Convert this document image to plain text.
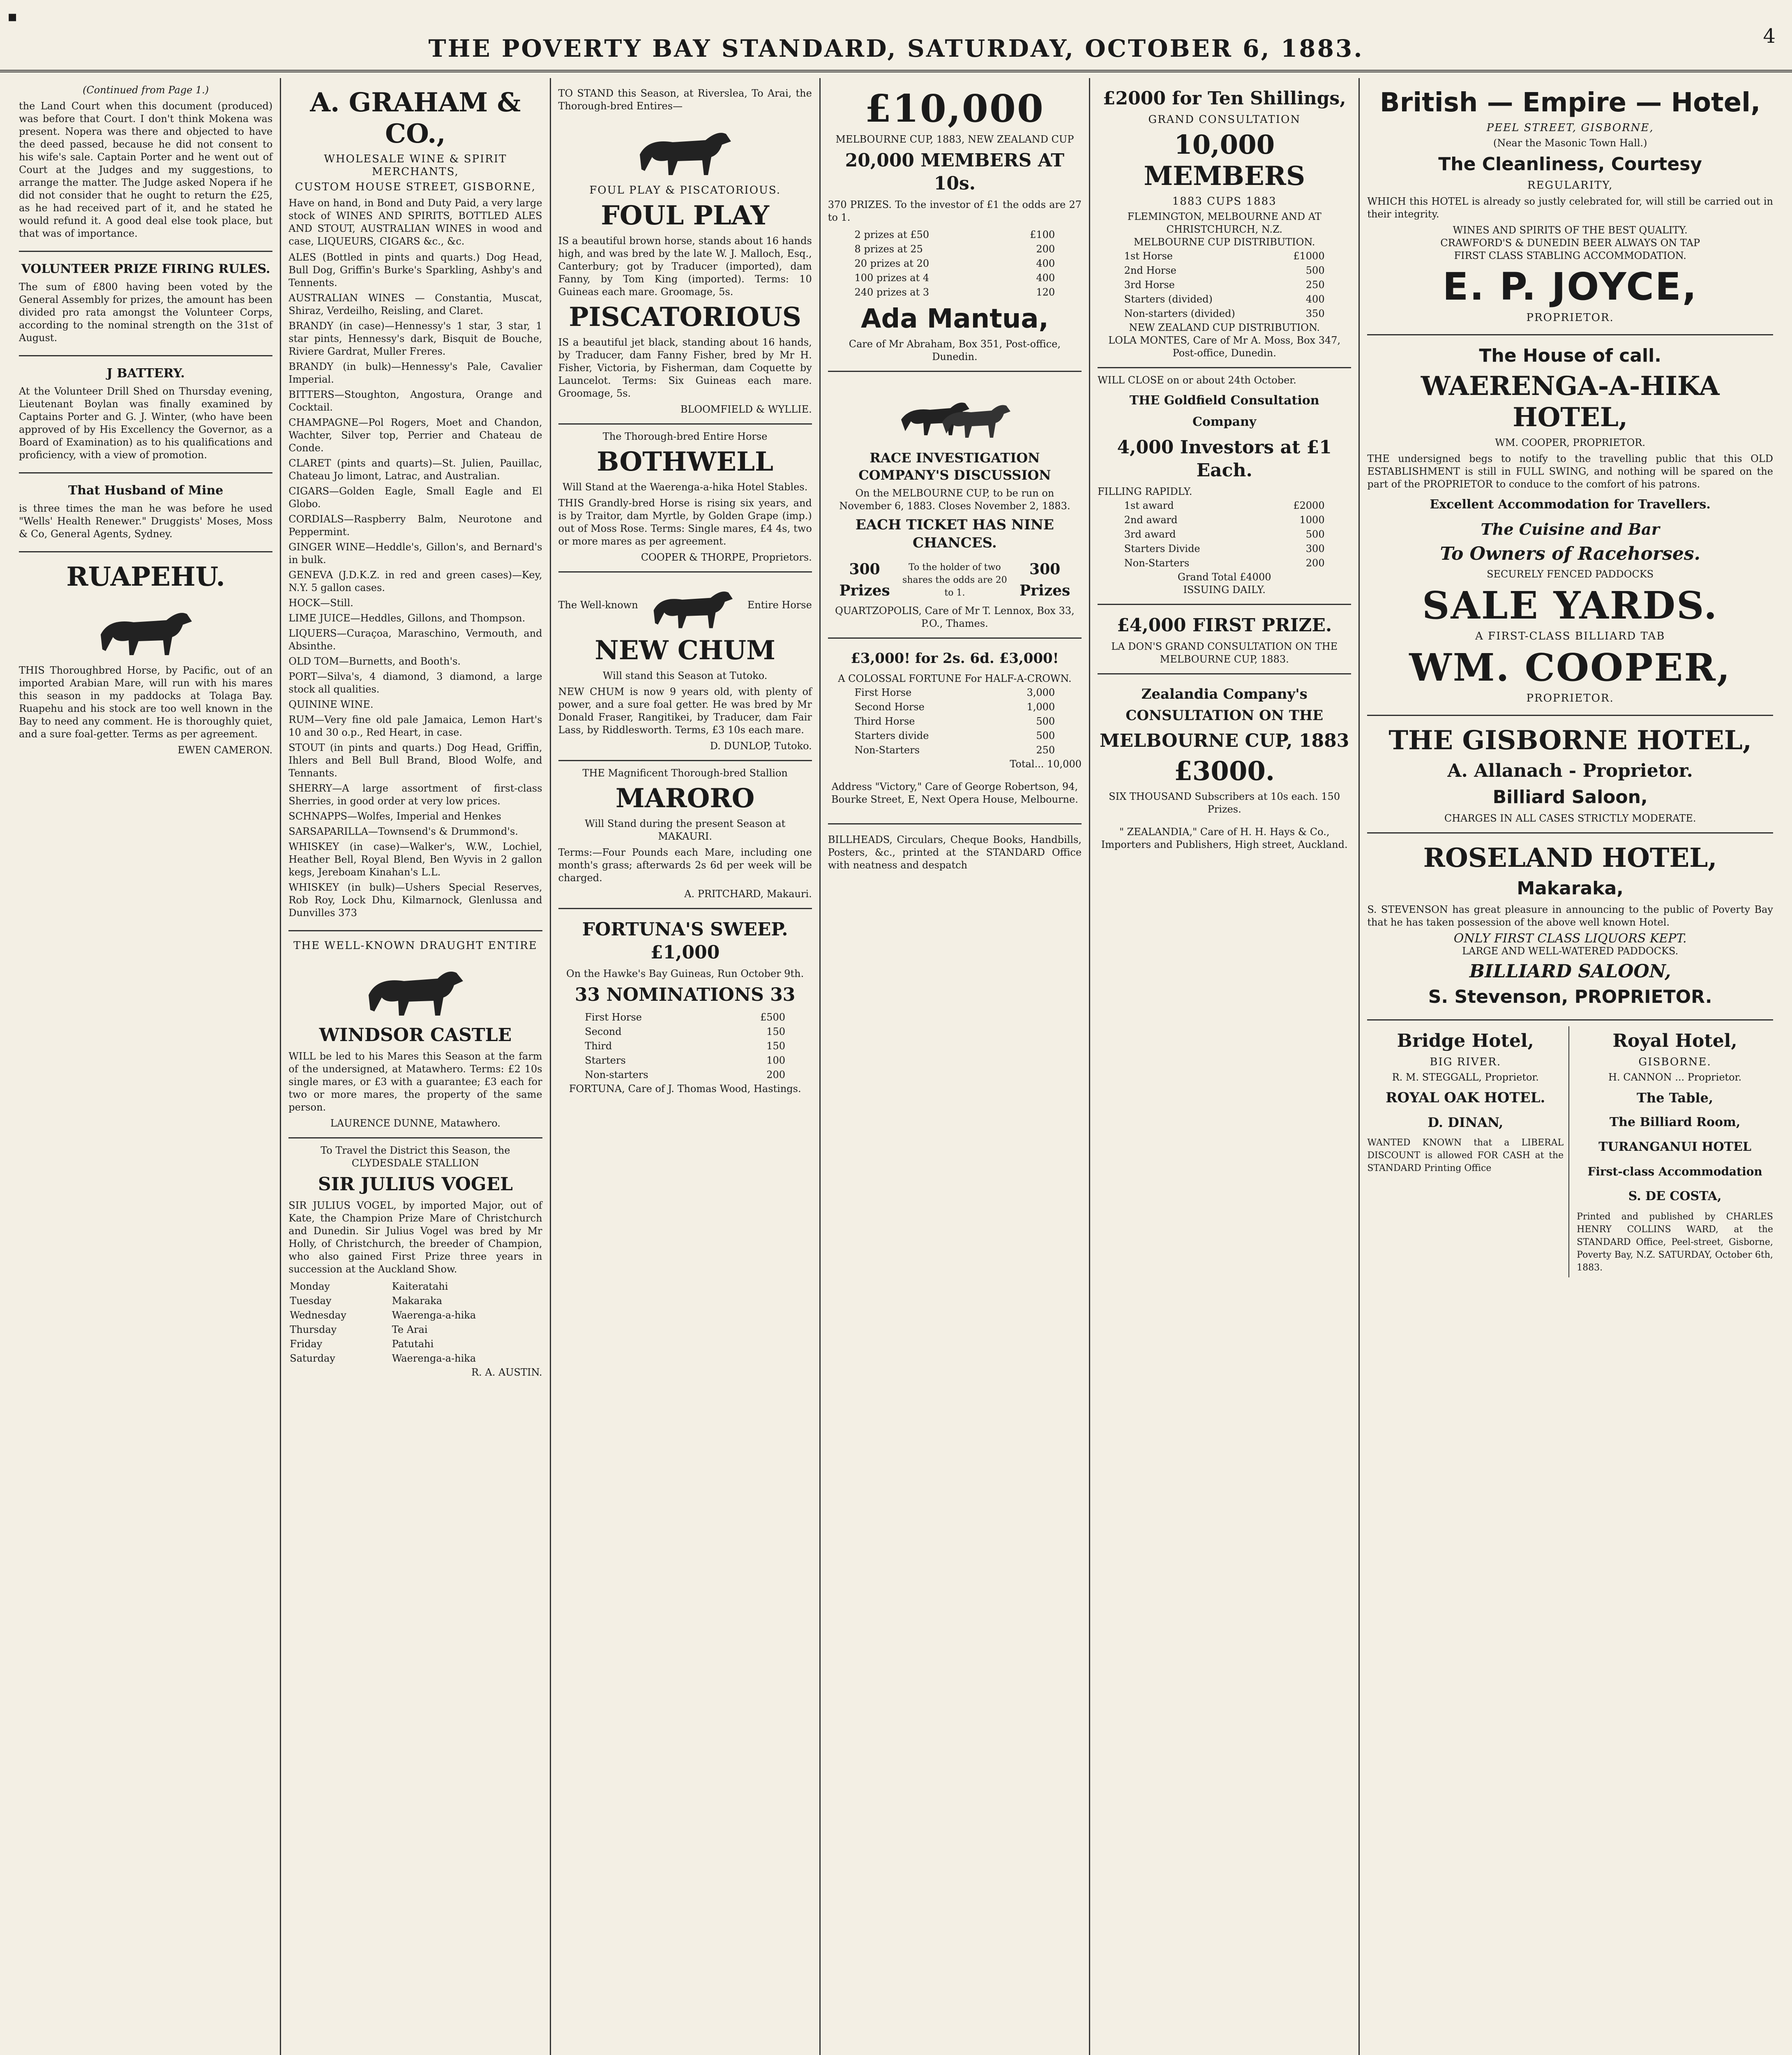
▪
THE POVERTY BAY STANDARD, SATURDAY, OCTOBER 6, 1883.	4
(Continued from Page 1.)

the Land Court when this document (produced) was before that Court. I don't think Mokena was present. Nopera was there and objected to have the deed passed, because he did not consent to his wife's sale. Captain Porter and he went out of Court at the Judges and my suggestions, to arrange the matter. The Judge asked Nopera if he did not consider that he ought to return the £25, as he had received part of it, and he stated he would refund it. A good deal else took place, but that was of importance.

VOLUNTEER PRIZE FIRING RULES.

The sum of £800 having been voted by the General Assembly for prizes, the amount has been divided pro rata amongst the Volunteer Corps, according to the nominal strength on the 31st of August.

J BATTERY.

At the Volunteer Drill Shed on Thursday evening, Lieutenant Boylan was finally examined by Captains Porter and G. J. Winter, (who have been approved of by His Excellency the Governor, as a Board of Examination) as to his qualifications and proficiency, with a view of promotion.

That Husband of Mine

is three times the man he was before he used "Wells' Health Renewer." Druggists' Moses, Moss & Co, General Agents, Sydney.

RUAPEHU.

THIS Thoroughbred Horse, by Pacific, out of an imported Arabian Mare, will run with his mares this season in my paddocks at Tolaga Bay. Ruapehu and his stock are too well known in the Bay to need any comment. He is thoroughly quiet, and a sure foal-getter. Terms as per agreement.

EWEN CAMERON.
A. GRAHAM & CO.,
WHOLESALE WINE & SPIRIT MERCHANTS,
CUSTOM HOUSE STREET, GISBORNE,

Have on hand, in Bond and Duty Paid, a very large stock of WINES AND SPIRITS, BOTTLED ALES AND STOUT, AUSTRALIAN WINES in wood and case, LIQUEURS, CIGARS &c., &c.

ALES (Bottled in pints and quarts.) Dog Head, Bull Dog, Griffin's Burke's Sparkling, Ashby's and Tennents.
AUSTRALIAN WINES — Constantia, Muscat, Shiraz, Verdeilho, Reisling, and Claret.
BRANDY (in case)—Hennessy's 1 star, 3 star, 1 star pints, Hennessy's dark, Bisquit de Bouche, Riviere Gardrat, Muller Freres.
BRANDY (in bulk)—Hennessy's Pale, Cavalier Imperial.
BITTERS—Stoughton, Angostura, Orange and Cocktail.
CHAMPAGNE—Pol Rogers, Moet and Chandon, Wachter, Silver top, Perrier and Chateau de Conde.
CLARET (pints and quarts)—St. Julien, Pauillac, Chateau Jo limont, Latrac, and Australian.
CIGARS—Golden Eagle, Small Eagle and El Globo.
CORDIALS—Raspberry Balm, Neurotone and Peppermint.
GINGER WINE—Heddle's, Gillon's, and Bernard's in bulk.
GENEVA (J.D.K.Z. in red and green cases)—Key, N.Y. 5 gallon cases.
HOCK—Still.
LIME JUICE—Heddles, Gillons, and Thompson.
LIQUERS—Curaçoa, Maraschino, Vermouth, and Absinthe.
OLD TOM—Burnetts, and Booth's.
PORT—Silva's, 4 diamond, 3 diamond, a large stock all qualities.
QUININE WINE.
RUM—Very fine old pale Jamaica, Lemon Hart's 10 and 30 o.p., Red Heart, in case.
STOUT (in pints and quarts.) Dog Head, Griffin, Ihlers and Bell Bull Brand, Blood Wolfe, and Tennants.
SHERRY—A large assortment of first-class Sherries, in good order at very low prices.
SCHNAPPS—Wolfes, Imperial and Henkes
SARSAPARILLA—Townsend's & Drummond's.
WHISKEY (in case)—Walker's, W.W., Lochiel, Heather Bell, Royal Blend, Ben Wyvis in 2 gallon kegs, Jereboam Kinahan's L.L.
WHISKEY (in bulk)—Ushers Special Reserves, Rob Roy, Lock Dhu, Kilmarnock, Glenlussa and Dunvilles 373
THE WELL-KNOWN DRAUGHT ENTIRE
WINDSOR CASTLE

WILL be led to his Mares this Season at the farm of the undersigned, at Matawhero. Terms: £2 10s single mares, or £3 with a guarantee; £3 each for two or more mares, the property of the same person.

LAURENCE DUNNE, Matawhero.
To Travel the District this Season, the CLYDESDALE STALLION
SIR JULIUS VOGEL

SIR JULIUS VOGEL, by imported Major, out of Kate, the Champion Prize Mare of Christchurch and Dunedin. Sir Julius Vogel was bred by Mr Holly, of Christchurch, the breeder of Champion, who also gained First Prize three years in succession at the Auckland Show.

Monday	Kaiteratahi
Tuesday	Makaraka
Wednesday	Waerenga-a-hika
Thursday	Te Arai
Friday	Patutahi
Saturday	Waerenga-a-hika
R. A. AUSTIN.

TO STAND this Season, at Riverslea, To Arai, the Thorough-bred Entires—

FOUL PLAY & PISCATORIOUS.
FOUL PLAY

IS a beautiful brown horse, stands about 16 hands high, and was bred by the late W. J. Malloch, Esq., Canterbury; got by Traducer (imported), dam Fanny, by Tom King (imported). Terms: 10 Guineas each mare. Groomage, 5s.

PISCATORIOUS

IS a beautiful jet black, standing about 16 hands, by Traducer, dam Fanny Fisher, bred by Mr H. Fisher, Victoria, by Fisherman, dam Coquette by Launcelot. Terms: Six Guineas each mare. Groomage, 5s.

BLOOMFIELD & WYLLIE.
The Thorough-bred Entire Horse
BOTHWELL
Will Stand at the Waerenga-a-hika Hotel Stables.

THIS Grandly-bred Horse is rising six years, and is by Traitor, dam Myrtle, by Golden Grape (imp.) out of Moss Rose. Terms: Single mares, £4 4s, two or more mares as per agreement.

COOPER & THORPE, Proprietors.
The Well-known	Entire Horse
NEW CHUM
Will stand this Season at Tutoko.

NEW CHUM is now 9 years old, with plenty of power, and a sure foal getter. He was bred by Mr Donald Fraser, Rangitikei, by Traducer, dam Fair Lass, by Riddlesworth. Terms, £3 10s each mare.

D. DUNLOP, Tutoko.
THE Magnificent Thorough-bred Stallion
MARORO
Will Stand during the present Season at MAKAURI.

Terms:—Four Pounds each Mare, including one month's grass; afterwards 2s 6d per week will be charged.

A. PRITCHARD, Makauri.
FORTUNA'S SWEEP. £1,000
On the Hawke's Bay Guineas, Run October 9th.
33 NOMINATIONS 33
First Horse	£500
Second	150
Third	150
Starters	100
Non-starters	200
FORTUNA, Care of J. Thomas Wood, Hastings.
£10,000
MELBOURNE CUP, 1883, NEW ZEALAND CUP
20,000 MEMBERS AT 10s.

370 PRIZES. To the investor of £1 the odds are 27 to 1.

2 prizes at £50	£100
8 prizes at 25	200
20 prizes at 20	400
100 prizes at 4	400
240 prizes at 3	120
Ada Mantua,
Care of Mr Abraham, Box 351, Post-office, Dunedin.
RACE INVESTIGATION COMPANY'S DISCUSSION
On the MELBOURNE CUP, to be run on November 6, 1883. Closes November 2, 1883.
EACH TICKET HAS NINE CHANCES.
300 Prizes
To the holder of two shares the odds are 20 to 1.
300 Prizes
QUARTZOPOLIS, Care of Mr T. Lennox, Box 33, P.O., Thames.
£3,000! for 2s. 6d. £3,000!
A COLOSSAL FORTUNE For HALF-A-CROWN.
First Horse	3,000
Second Horse	1,000
Third Horse	500
Starters divide	500
Non-Starters	250
Total... 10,000

Address "Victory," Care of George Robertson, 94, Bourke Street, E, Next Opera House, Melbourne.

BILLHEADS, Circulars, Cheque Books, Handbills, Posters, &c., printed at the STANDARD Office with neatness and despatch

£2000 for Ten Shillings,
GRAND CONSULTATION
10,000 MEMBERS
1883 CUPS 1883
FLEMINGTON, MELBOURNE AND AT CHRISTCHURCH, N.Z.
MELBOURNE CUP DISTRIBUTION.
1st Horse	£1000
2nd Horse	500
3rd Horse	250
Starters (divided)	400
Non-starters (divided)	350
NEW ZEALAND CUP DISTRIBUTION.
LOLA MONTES, Care of Mr A. Moss, Box 347, Post-office, Dunedin.
WILL CLOSE on or about 24th October.
THE Goldfield Consultation Company
4,000 Investors at £1 Each.
FILLING RAPIDLY.
1st award	£2000
2nd award	1000
3rd award	500
Starters Divide	300
Non-Starters	200
Grand Total £4000
ISSUING DAILY.
£4,000 FIRST PRIZE.
LA DON'S GRAND CONSULTATION ON THE MELBOURNE CUP, 1883.
Zealandia Company's CONSULTATION ON THE
MELBOURNE CUP, 1883
£3000.
SIX THOUSAND Subscribers at 10s each. 150 Prizes.

" ZEALANDIA," Care of H. H. Hays & Co., Importers and Publishers, High street, Auckland.

British — Empire — Hotel,
PEEL STREET, GISBORNE,
(Near the Masonic Town Hall.)
The Cleanliness, Courtesy
REGULARITY,

WHICH this HOTEL is already so justly celebrated for, will still be carried out in their integrity.

WINES AND SPIRITS OF THE BEST QUALITY.
CRAWFORD'S & DUNEDIN BEER ALWAYS ON TAP
FIRST CLASS STABLING ACCOMMODATION.
E. P. JOYCE,
PROPRIETOR.
The House of call.
WAERENGA-A-HIKA HOTEL,
WM. COOPER, PROPRIETOR.

THE undersigned begs to notify to the travelling public that this OLD ESTABLISHMENT is still in FULL SWING, and nothing will be spared on the part of the PROPRIETOR to conduce to the comfort of his patrons.

Excellent Accommodation for Travellers.
The Cuisine and Bar
To Owners of Racehorses.
SECURELY FENCED PADDOCKS
SALE YARDS.
A FIRST-CLASS BILLIARD TAB
WM. COOPER,
PROPRIETOR.
THE GISBORNE HOTEL,
A. Allanach - Proprietor.
Billiard Saloon,
CHARGES IN ALL CASES STRICTLY MODERATE.
ROSELAND HOTEL,
Makaraka,

S. STEVENSON has great pleasure in announcing to the public of Poverty Bay that he has taken possession of the above well known Hotel.

ONLY FIRST CLASS LIQUORS KEPT.
LARGE AND WELL-WATERED PADDOCKS.
BILLIARD SALOON,
S. Stevenson, PROPRIETOR.
Bridge Hotel,
BIG RIVER.
R. M. STEGGALL, Proprietor.
ROYAL OAK HOTEL.
D. DINAN,

WANTED KNOWN that a LIBERAL DISCOUNT is allowed FOR CASH at the STANDARD Printing Office

Royal Hotel,
GISBORNE.
H. CANNON ... Proprietor.
The Table,
The Billiard Room,
TURANGANUI HOTEL
First-class Accommodation
S. DE COSTA,

Printed and published by CHARLES HENRY COLLINS WARD, at the STANDARD Office, Peel-street, Gisborne, Poverty Bay, N.Z. SATURDAY, October 6th, 1883.
